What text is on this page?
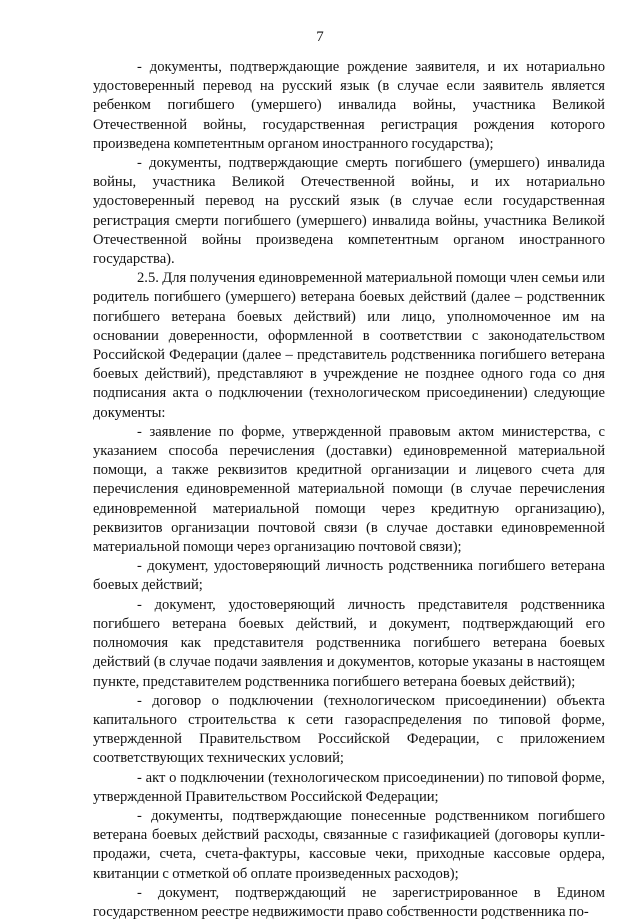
7

- документы, подтверждающие рождение заявителя, и их нотариально удостоверенный перевод на русский язык (в случае если заявитель является ребенком погибшего (умершего) инвалида войны, участника Великой Отечественной войны, государственная регистрация рождения которого произведена компетентным органом иностранного государства);

- документы, подтверждающие смерть погибшего (умершего) инвалида войны, участника Великой Отечественной войны, и их нотариально удостоверенный перевод на русский язык (в случае если государственная регистрация смерти погибшего (умершего) инвалида войны, участника Великой Отечественной войны произведена компетентным органом иностранного государства).

2.5. Для получения единовременной материальной помощи член семьи или родитель погибшего (умершего) ветерана боевых действий (далее – родственник погибшего ветерана боевых действий) или лицо, уполномоченное им на основании доверенности, оформленной в соответствии с законодательством Российской Федерации (далее – представитель родственника погибшего ветерана боевых действий), представляют в учреждение не позднее одного года со дня подписания акта о подключении (технологическом присоединении) следующие документы:

- заявление по форме, утвержденной правовым актом министерства, с указанием способа перечисления (доставки) единовременной материальной помощи, а также реквизитов кредитной организации и лицевого счета для перечисления единовременной материальной помощи (в случае перечисления единовременной материальной помощи через кредитную организацию), реквизитов организации почтовой связи (в случае доставки единовременной материальной помощи через организацию почтовой связи);

- документ, удостоверяющий личность родственника погибшего ветерана боевых действий;

- документ, удостоверяющий личность представителя родственника погибшего ветерана боевых действий, и документ, подтверждающий его полномочия как представителя родственника погибшего ветерана боевых действий (в случае подачи заявления и документов, которые указаны в настоящем пункте, представителем родственника погибшего ветерана боевых действий);

- договор о подключении (технологическом присоединении) объекта капитального строительства к сети газораспределения по типовой форме, утвержденной Правительством Российской Федерации, с приложением соответствующих технических условий;

- акт о подключении (технологическом присоединении) по типовой форме, утвержденной Правительством Российской Федерации;

- документы, подтверждающие понесенные родственником погибшего ветерана боевых действий расходы, связанные с газификацией (договоры купли-продажи, счета, счета-фактуры, кассовые чеки, приходные кассовые ордера, квитанции с отметкой об оплате произведенных расходов);

- документ, подтверждающий не зарегистрированное в Едином государственном реестре недвижимости право собственности родственника по-
